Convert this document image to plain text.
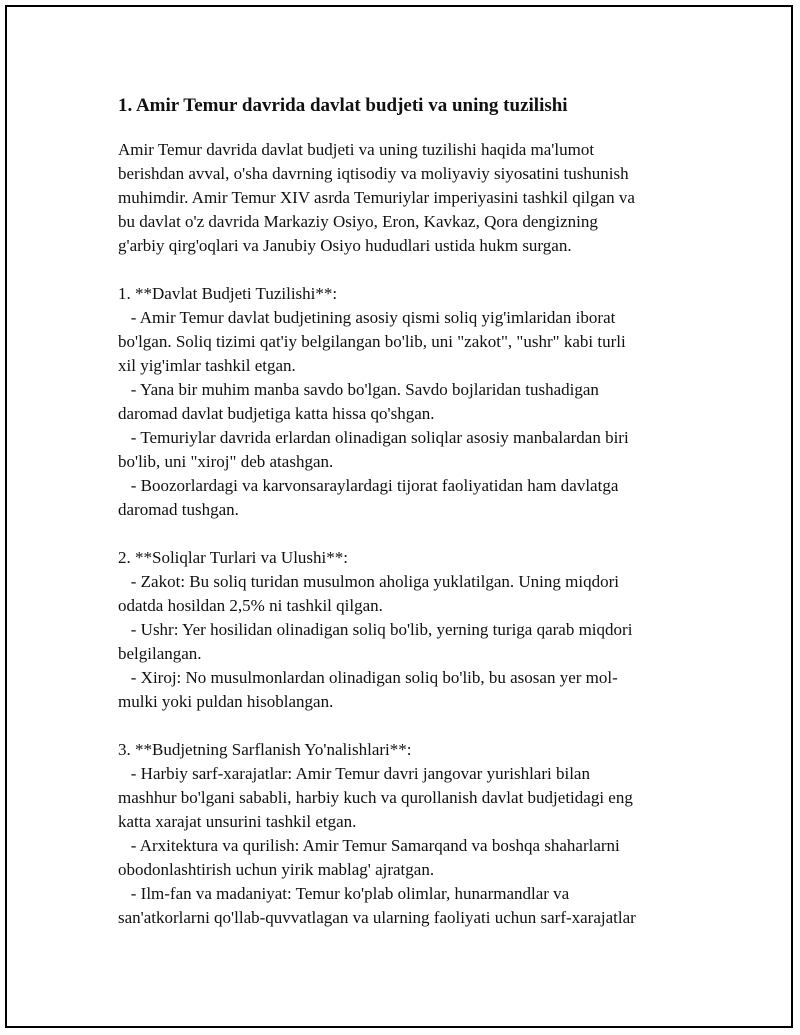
1. Amir Temur davrida davlat budjeti va uning tuzilishi

Amir Temur davrida davlat budjeti va uning tuzilishi haqida ma'lumot

berishdan avval, o'sha davrning iqtisodiy va moliyaviy siyosatini tushunish

muhimdir. Amir Temur XIV asrda Temuriylar imperiyasini tashkil qilgan va

bu davlat o'z davrida Markaziy Osiyo, Eron, Kavkaz, Qora dengizning

g'arbiy qirg'oqlari va Janubiy Osiyo hududlari ustida hukm surgan.

1. **Davlat Budjeti Tuzilishi**:

- Amir Temur davlat budjetining asosiy qismi soliq yig'imlaridan iborat

bo'lgan. Soliq tizimi qat'iy belgilangan bo'lib, uni "zakot", "ushr" kabi turli

xil yig'imlar tashkil etgan.

- Yana bir muhim manba savdo bo'lgan. Savdo bojlaridan tushadigan

daromad davlat budjetiga katta hissa qo'shgan.

- Temuriylar davrida erlardan olinadigan soliqlar asosiy manbalardan biri

bo'lib, uni "xiroj" deb atashgan.

- Boozorlardagi va karvonsaraylardagi tijorat faoliyatidan ham davlatga

daromad tushgan.

2. **Soliqlar Turlari va Ulushi**:

- Zakot: Bu soliq turidan musulmon aholiga yuklatilgan. Uning miqdori

odatda hosildan 2,5% ni tashkil qilgan.

- Ushr: Yer hosilidan olinadigan soliq bo'lib, yerning turiga qarab miqdori

belgilangan.

- Xiroj: No musulmonlardan olinadigan soliq bo'lib, bu asosan yer mol-

mulki yoki puldan hisoblangan.

3. **Budjetning Sarflanish Yo'nalishlari**:

- Harbiy sarf-xarajatlar: Amir Temur davri jangovar yurishlari bilan

mashhur bo'lgani sababli, harbiy kuch va qurollanish davlat budjetidagi eng

katta xarajat unsurini tashkil etgan.

- Arxitektura va qurilish: Amir Temur Samarqand va boshqa shaharlarni

obodonlashtirish uchun yirik mablag' ajratgan.

- Ilm-fan va madaniyat: Temur ko'plab olimlar, hunarmandlar va

san'atkorlarni qo'llab-quvvatlagan va ularning faoliyati uchun sarf-xarajatlar
